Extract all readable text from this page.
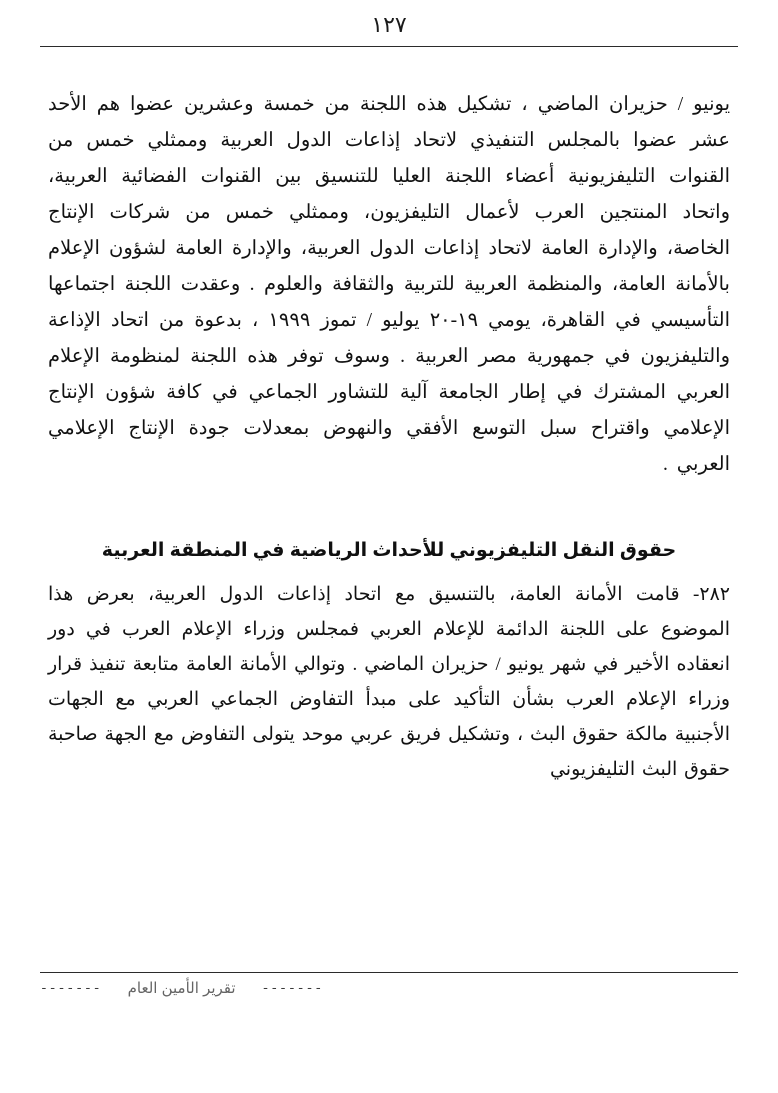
١٢٧

يونيو / حزيران الماضي ، تشكيل هذه اللجنة من خمسة وعشرين عضوا هم الأحد عشر عضوا بالمجلس التنفيذي لاتحاد إذاعات الدول العربية وممثلي خمس من القنوات التليفزيونية أعضاء اللجنة العليا للتنسيق بين القنوات الفضائية العربية، واتحاد المنتجين العرب لأعمال التليفزيون، وممثلي خمس من شركات الإنتاج الخاصة، والإدارة العامة لاتحاد إذاعات الدول العربية، والإدارة العامة لشؤون الإعلام بالأمانة العامة، والمنظمة العربية للتربية والثقافة والعلوم . وعقدت اللجنة اجتماعها التأسيسي في القاهرة، يومي ١٩-٢٠ يوليو / تموز ١٩٩٩ ، بدعوة من اتحاد الإذاعة والتليفزيون في جمهورية مصر العربية . وسوف توفر هذه اللجنة لمنظومة الإعلام العربي المشترك في إطار الجامعة آلية للتشاور الجماعي في كافة شؤون الإنتاج الإعلامي واقتراح سبل التوسع الأفقي والنهوض بمعدلات جودة الإنتاج الإعلامي العربي .

حقوق النقل التليفزيوني للأحداث الرياضية في المنطقة العربية

٢٨٢- قامت الأمانة العامة، بالتنسيق مع اتحاد إذاعات الدول العربية، بعرض هذا الموضوع على اللجنة الدائمة للإعلام العربي فمجلس وزراء الإعلام العرب في دور انعقاده الأخير في شهر يونيو / حزيران الماضي . وتوالي الأمانة العامة متابعة تنفيذ قرار وزراء الإعلام العرب بشأن التأكيد على مبدأ التفاوض الجماعي العربي مع الجهات الأجنبية مالكة حقوق البث ، وتشكيل فريق عربي موحد يتولى التفاوض مع الجهة صاحبة حقوق البث التليفزيوني

------- تقرير الأمين العام -------
